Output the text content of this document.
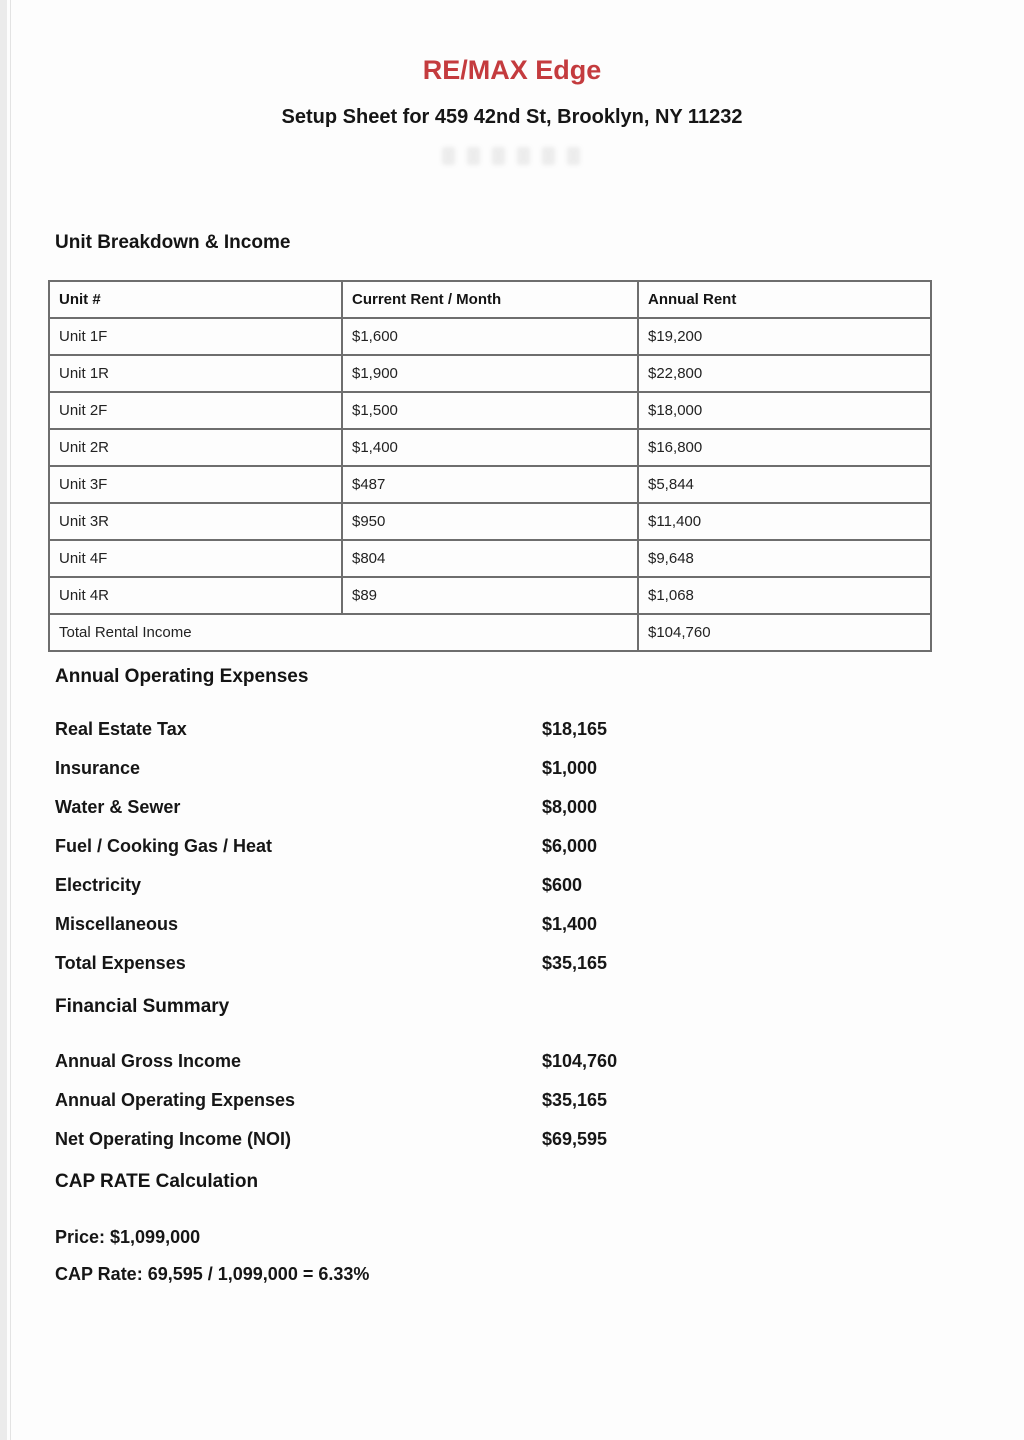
RE/MAX Edge
Setup Sheet for 459 42nd St, Brooklyn, NY 11232
Unit Breakdown & Income
Unit #	Current Rent / Month	Annual Rent
Unit 1F	$1,600	$19,200
Unit 1R	$1,900	$22,800
Unit 2F	$1,500	$18,000
Unit 2R	$1,400	$16,800
Unit 3F	$487	$5,844
Unit 3R	$950	$11,400
Unit 4F	$804	$9,648
Unit 4R	$89	$1,068
Total Rental Income		$104,760
Annual Operating Expenses
Real Estate Tax	$18,165
Insurance	$1,000
Water & Sewer	$8,000
Fuel / Cooking Gas / Heat	$6,000
Electricity	$600
Miscellaneous	$1,400
Total Expenses	$35,165
Financial Summary
Annual Gross Income	$104,760
Annual Operating Expenses	$35,165
Net Operating Income (NOI)	$69,595
CAP RATE Calculation
Price: $1,099,000
CAP Rate: 69,595 / 1,099,000 = 6.33%
